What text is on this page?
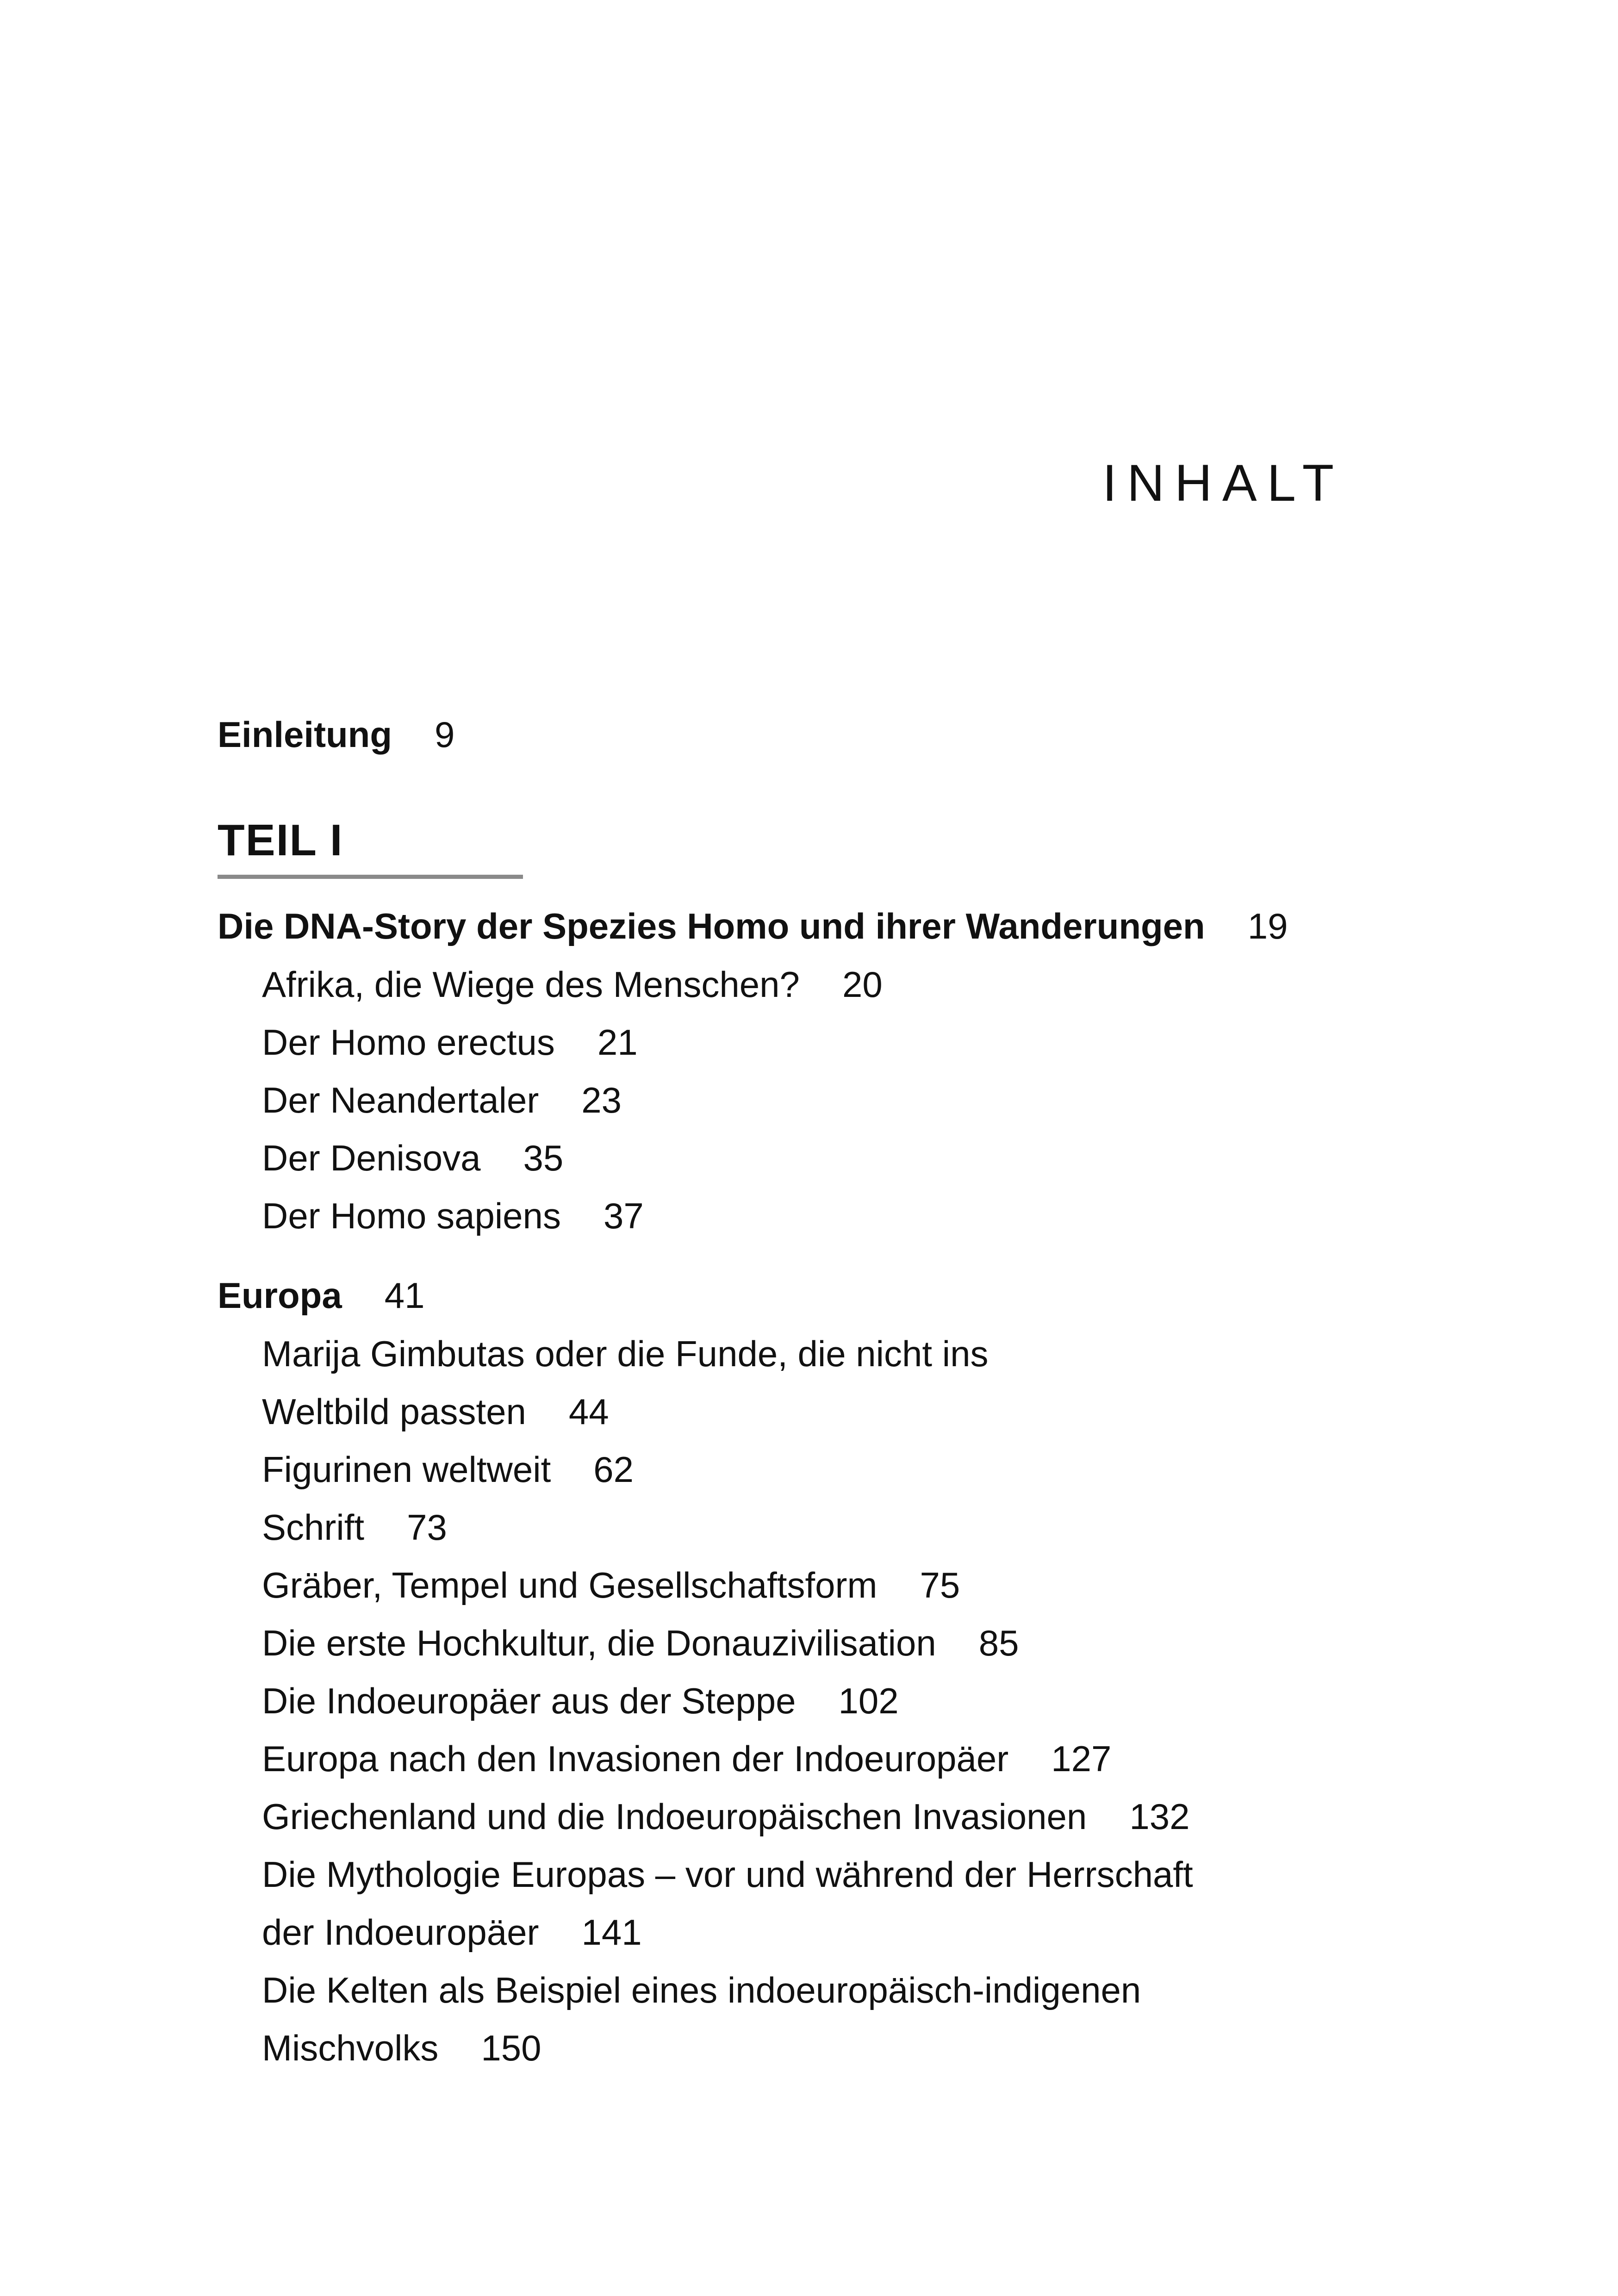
INHALT
Einleitung 9
TEIL I
Die DNA-Story der Spezies Homo und ihrer Wanderungen 19
Afrika, die Wiege des Menschen? 20
Der Homo erectus 21
Der Neandertaler 23
Der Denisova 35
Der Homo sapiens 37
Europa 41
Marija Gimbutas oder die Funde, die nicht ins
Weltbild passten 44
Figurinen weltweit 62
Schrift 73
Gräber, Tempel und Gesellschaftsform 75
Die erste Hochkultur, die Donauzivilisation 85
Die Indoeuropäer aus der Steppe 102
Europa nach den Invasionen der Indoeuropäer 127
Griechenland und die Indoeuropäischen Invasionen 132
Die Mythologie Europas – vor und während der Herrschaft
der Indoeuropäer 141
Die Kelten als Beispiel eines indoeuropäisch-indigenen
Mischvolks 150
